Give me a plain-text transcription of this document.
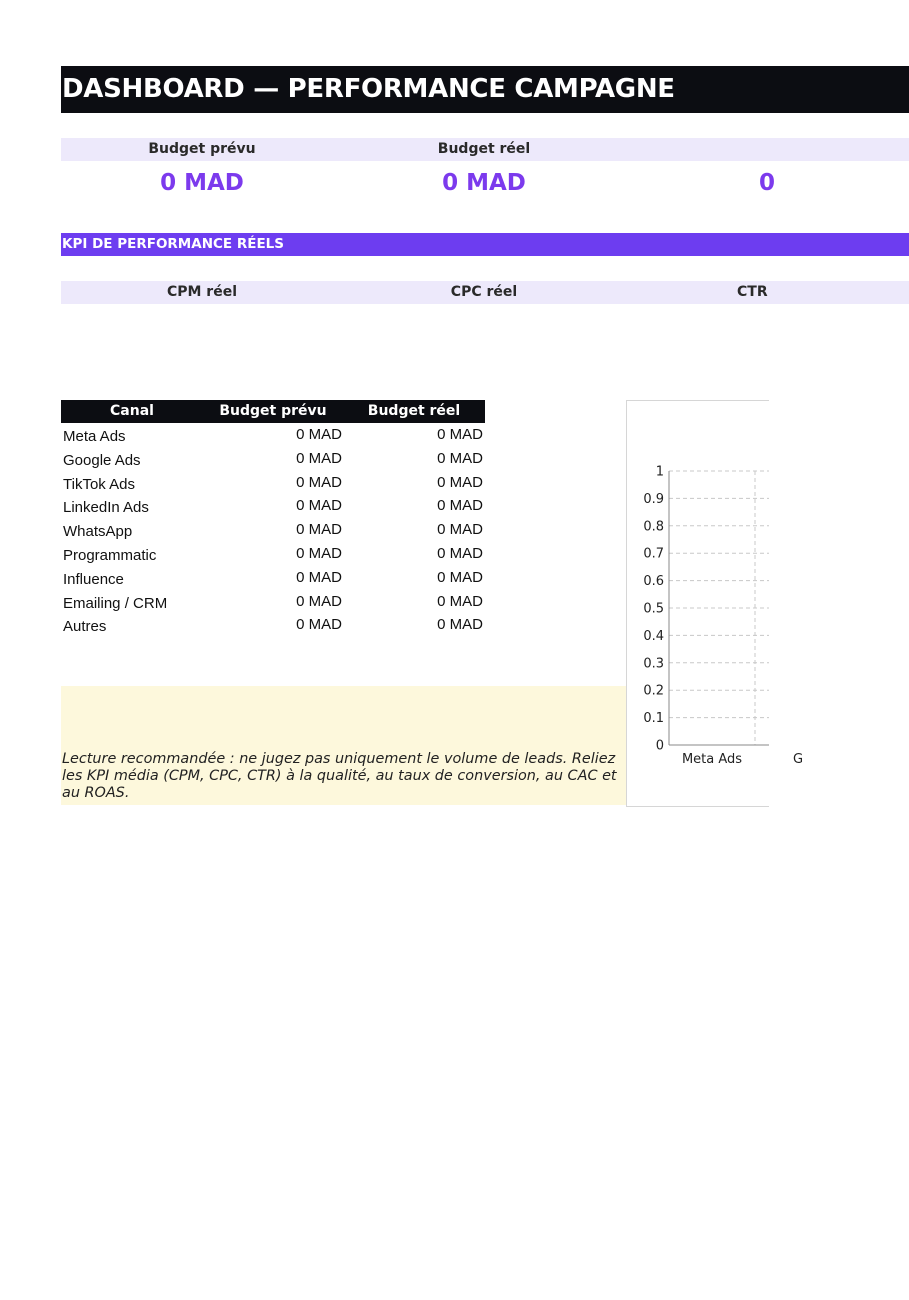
DASHBOARD — PERFORMANCE CAMPAGNE
Budget prévu	Budget réel
0 MAD	0 MAD	0
KPI DE PERFORMANCE RÉELS
CPM réel	CPC réel	CTR
Canal	Budget prévu	Budget réel
Meta Ads	0 MAD	0 MAD
Google Ads	0 MAD	0 MAD
TikTok Ads	0 MAD	0 MAD
LinkedIn Ads	0 MAD	0 MAD
WhatsApp	0 MAD	0 MAD
Programmatic	0 MAD	0 MAD
Influence	0 MAD	0 MAD
Emailing / CRM	0 MAD	0 MAD
Autres	0 MAD	0 MAD
Lecture recommandée : ne jugez pas uniquement le volume de leads. Reliez les KPI média (CPM, CPC, CTR) à la qualité, au taux de conversion, au CAC et au ROAS.
0
0.1
0.2
0.3
0.4
0.5
0.6
0.7
0.8
0.9
1
Meta Ads	G
